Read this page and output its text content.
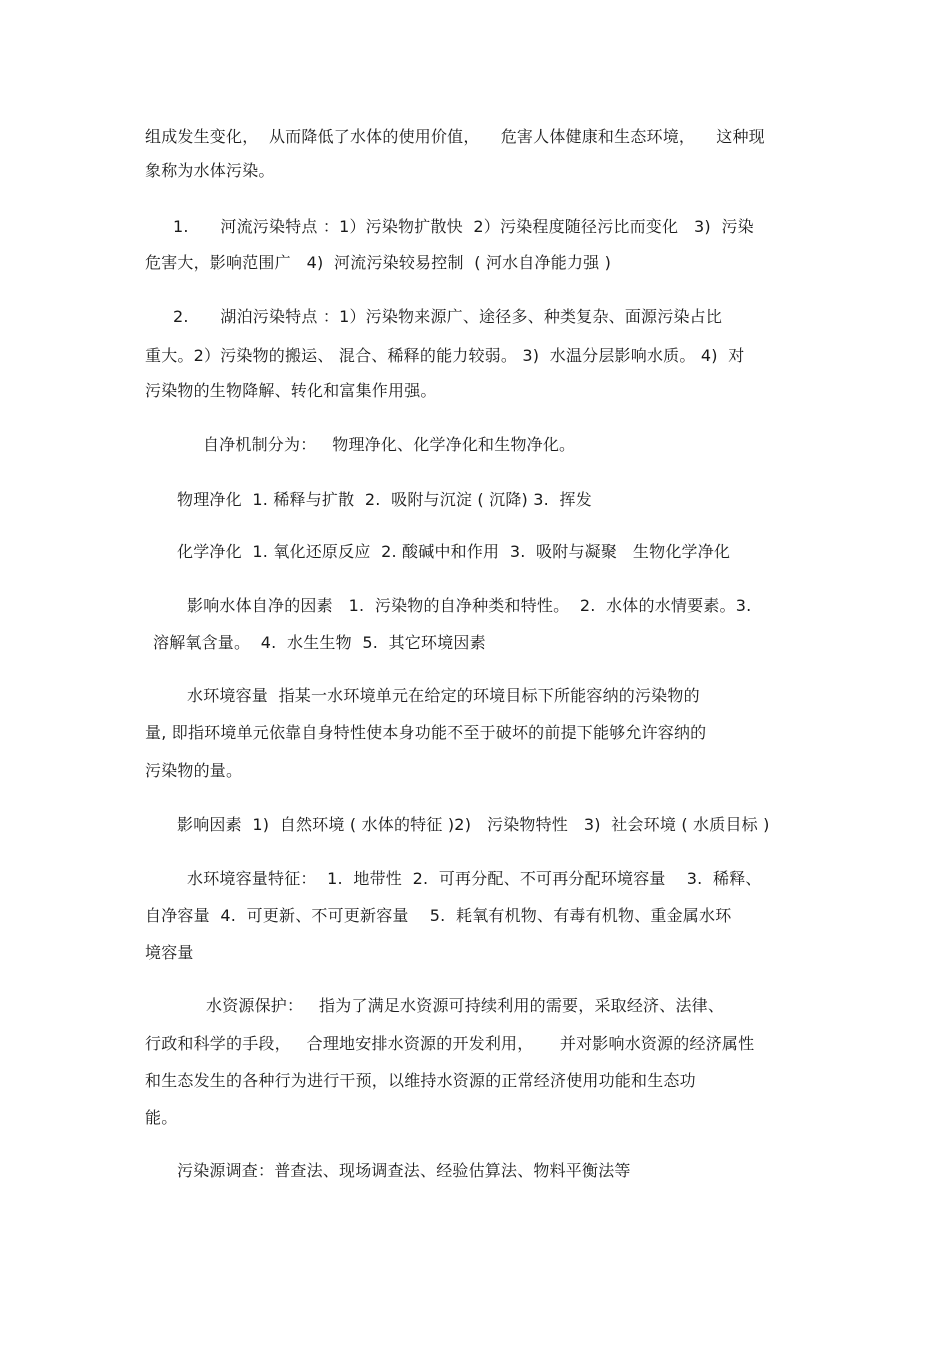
组成发生变化，  从而降低了水体的使用价值，    危害人体健康和生态环境，    这种现
象称为水体污染。
1.      河流污染特点 ：1）污染物扩散快  2）污染程度随径污比而变化   3)  污染
危害大，影响范围广   4)  河流污染较易控制  ( 河水自净能力强 )
2.      湖泊污染特点 ：1）污染物来源广、途径多、种类复杂、面源污染占比
重大。2）污染物的搬运、 混合、稀释的能力较弱。 3)  水温分层影响水质。 4)  对
污染物的生物降解、转化和富集作用强。
自净机制分为：   物理净化、化学净化和生物净化。
物理净化  1. 稀释与扩散  2.  吸附与沉淀 ( 沉降) 3.  挥发
化学净化  1. 氧化还原反应  2. 酸碱中和作用  3.  吸附与凝聚   生物化学净化
影响水体自净的因素   1.  污染物的自净种类和特性。  2.  水体的水情要素。3.
溶解氧含量。  4.  水生生物  5.  其它环境因素
水环境容量  指某一水环境单元在给定的环境目标下所能容纳的污染物的
量, 即指环境单元依靠自身特性使本身功能不至于破坏的前提下能够允许容纳的
污染物的量。
影响因素  1)  自然环境 ( 水体的特征 )2)   污染物特性   3)  社会环境 ( 水质目标 )
水环境容量特征：  1.  地带性  2.  可再分配、不可再分配环境容量    3.  稀释、
自净容量  4.  可更新、不可更新容量    5.  耗氧有机物、有毒有机物、重金属水环
境容量
水资源保护：   指为了满足水资源可持续利用的需要，采取经济、法律、
行政和科学的手段，   合理地安排水资源的开发利用，     并对影响水资源的经济属性
和生态发生的各种行为进行干预，以维持水资源的正常经济使用功能和生态功
能。
污染源调查：普查法、现场调查法、经验估算法、物料平衡法等
